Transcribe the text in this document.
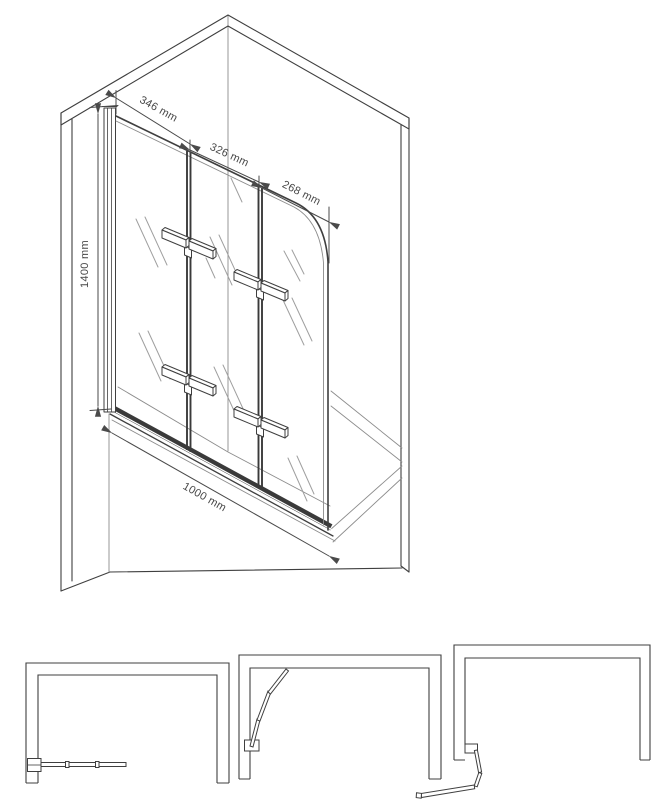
1400 mm
346 mm
326 mm
268 mm
1000 mm
